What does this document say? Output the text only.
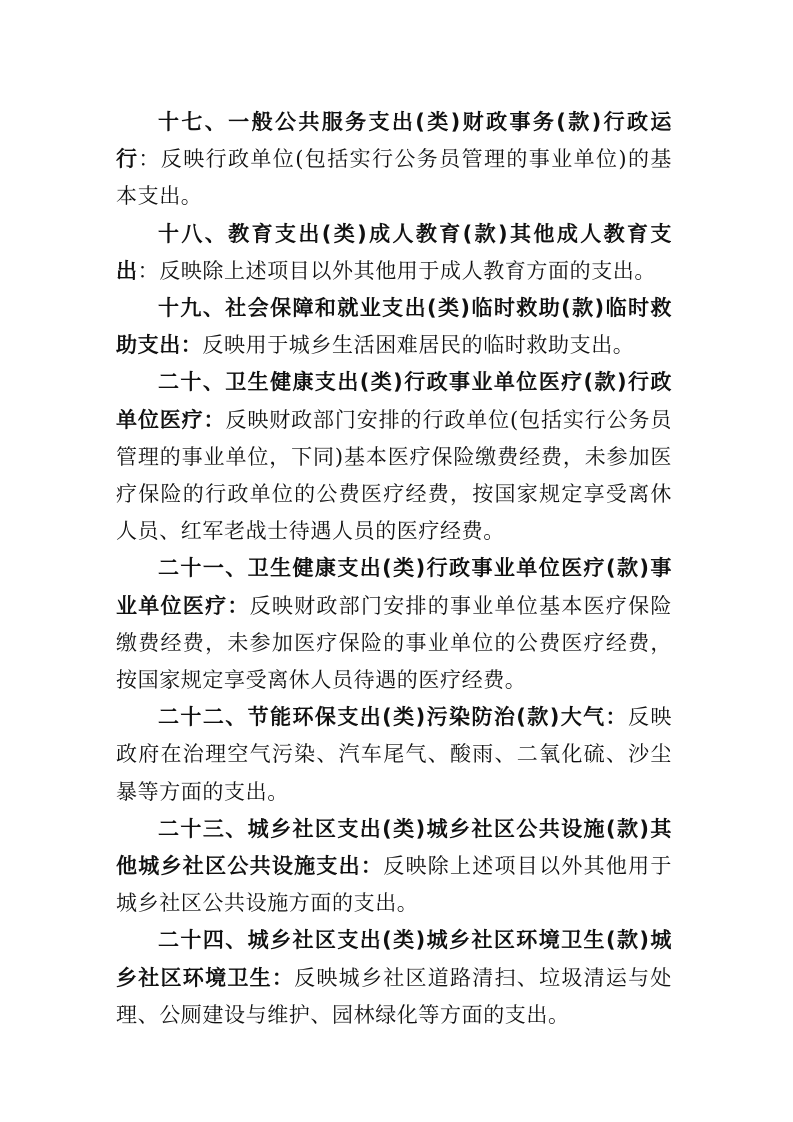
十七、一般公共服务支出(类)财政事务(款)行政运行：反映行政单位(包括实行公务员管理的事业单位)的基本支出。

十八、教育支出(类)成人教育(款)其他成人教育支出：反映除上述项目以外其他用于成人教育方面的支出。

十九、社会保障和就业支出(类)临时救助(款)临时救助支出：反映用于城乡生活困难居民的临时救助支出。

二十、卫生健康支出(类)行政事业单位医疗(款)行政单位医疗：反映财政部门安排的行政单位(包括实行公务员管理的事业单位，下同)基本医疗保险缴费经费，未参加医疗保险的行政单位的公费医疗经费，按国家规定享受离休人员、红军老战士待遇人员的医疗经费。

二十一、卫生健康支出(类)行政事业单位医疗(款)事业单位医疗：反映财政部门安排的事业单位基本医疗保险缴费经费，未参加医疗保险的事业单位的公费医疗经费，按国家规定享受离休人员待遇的医疗经费。

二十二、节能环保支出(类)污染防治(款)大气：反映政府在治理空气污染、汽车尾气、酸雨、二氧化硫、沙尘暴等方面的支出。

二十三、城乡社区支出(类)城乡社区公共设施(款)其他城乡社区公共设施支出：反映除上述项目以外其他用于城乡社区公共设施方面的支出。

二十四、城乡社区支出(类)城乡社区环境卫生(款)城乡社区环境卫生：反映城乡社区道路清扫、垃圾清运与处理、公厕建设与维护、园林绿化等方面的支出。
